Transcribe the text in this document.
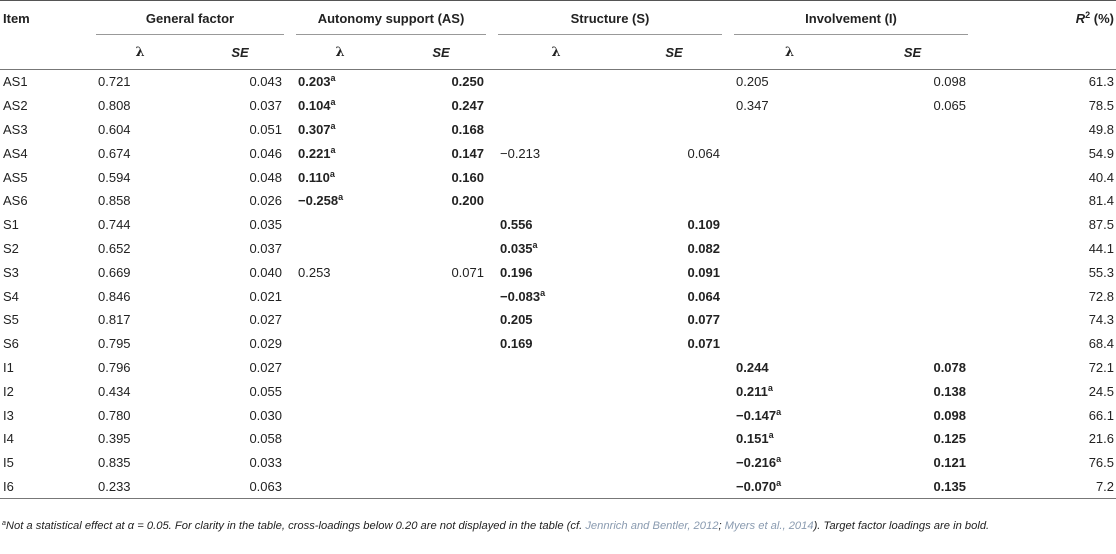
Item	General factor		Autonomy support (AS)		Structure (S)		Involvement (I)		$R^2$ (%)
	λ	SE	λ	SE	λ	SE	λ	SE	
AS1	0.721	0.043	0.203$^a$	0.250			0.205	0.098	61.3
AS2	0.808	0.037	0.104$^a$	0.247			0.347	0.065	78.5
AS3	0.604	0.051	0.307$^a$	0.168					49.8
AS4	0.674	0.046	0.221$^a$	0.147	−0.213	0.064			54.9
AS5	0.594	0.048	0.110$^a$	0.160					40.4
AS6	0.858	0.026	−0.258$^a$	0.200					81.4
S1	0.744	0.035			0.556	0.109			87.5
S2	0.652	0.037			0.035$^a$	0.082			44.1
S3	0.669	0.040	0.253	0.071	0.196	0.091			55.3
S4	0.846	0.021			−0.083$^a$	0.064			72.8
S5	0.817	0.027			0.205	0.077			74.3
S6	0.795	0.029			0.169	0.071			68.4
I1	0.796	0.027					0.244	0.078	72.1
I2	0.434	0.055					0.211$^a$	0.138	24.5
I3	0.780	0.030					−0.147$^a$	0.098	66.1
I4	0.395	0.058					0.151$^a$	0.125	21.6
I5	0.835	0.033					−0.216$^a$	0.121	76.5
I6	0.233	0.063					−0.070$^a$	0.135	7.2
$^a$Not a statistical effect at α = 0.05. For clarity in the table, cross-loadings below 0.20 are not displayed in the table (cf. Jennrich and Bentler, 2012; Myers et al., 2014). Target factor loadings are in bold.
